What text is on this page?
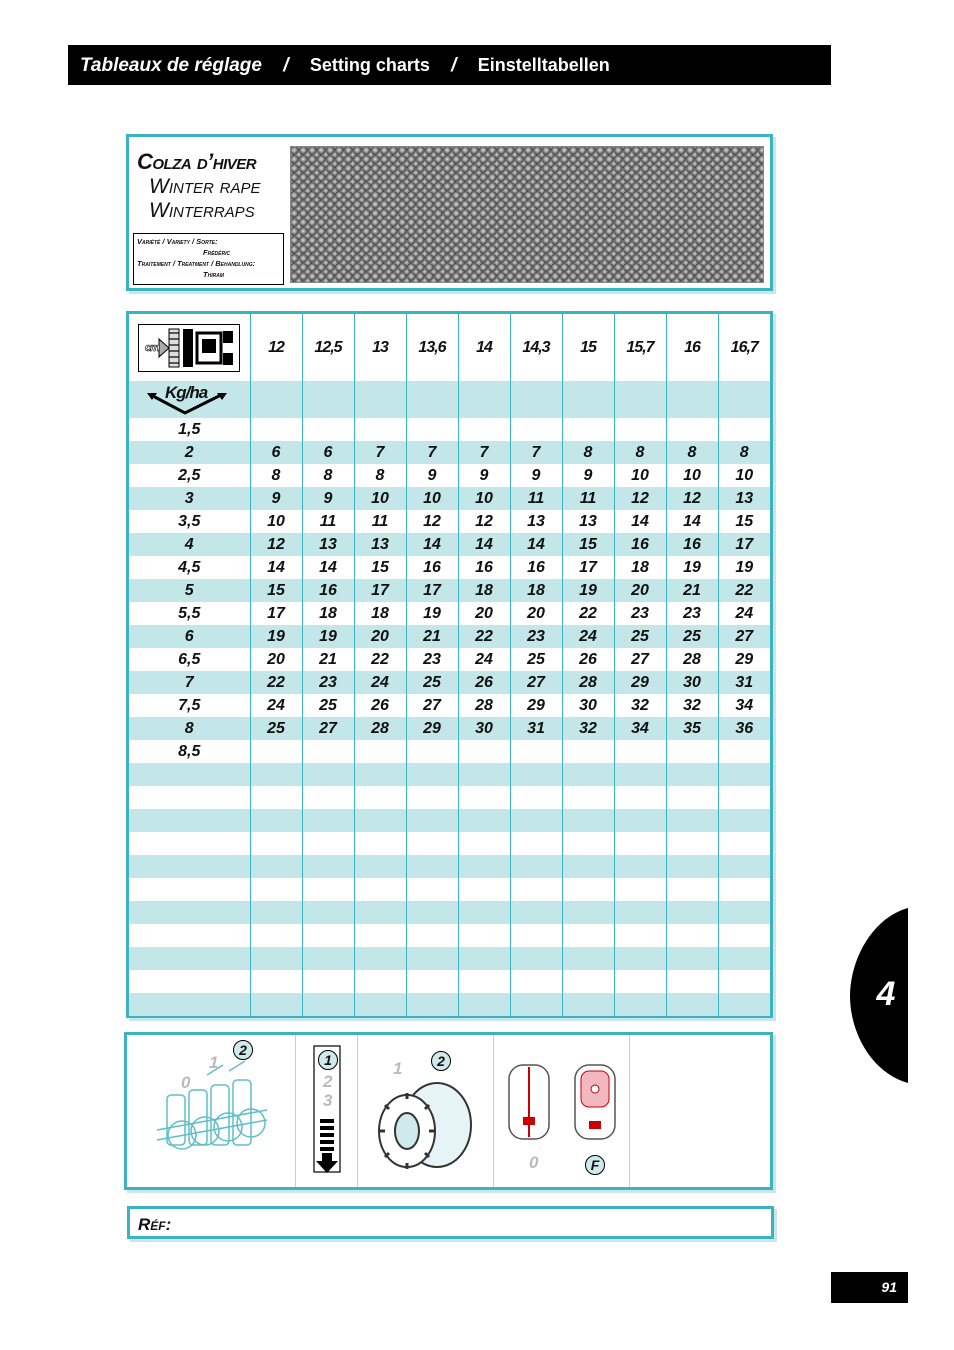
Tableaux de réglage / Setting charts / Einstelltabellen
Colza d’hiver
Winter rape
Winterraps
Variété / Variety / Sorte:
Frédéric
Traitement / Treatment / Behandlung:
Thiram
cm	12	12,5	13	13,6	14	14,3	15	15,7	16	16,7

Kg/ha										

1,5										
2	6	6	7	7	7	7	8	8	8	8
2,5	8	8	8	9	9	9	9	10	10	10
3	9	9	10	10	10	11	11	12	12	13
3,5	10	11	11	12	12	13	13	14	14	15
4	12	13	13	14	14	14	15	16	16	17
4,5	14	14	15	16	16	16	17	18	19	19
5	15	16	17	17	18	18	19	20	21	22
5,5	17	18	18	19	20	20	22	23	23	24
6	19	19	20	21	22	23	24	25	25	27
6,5	20	21	22	23	24	25	26	27	28	29
7	22	23	24	25	26	27	28	29	30	31
7,5	24	25	26	27	28	29	30	32	32	34
8	25	27	28	29	30	31	32	34	35	36
8,5										

0
1
2
1
2
3
1	2
0	F
Réf:
4
91
